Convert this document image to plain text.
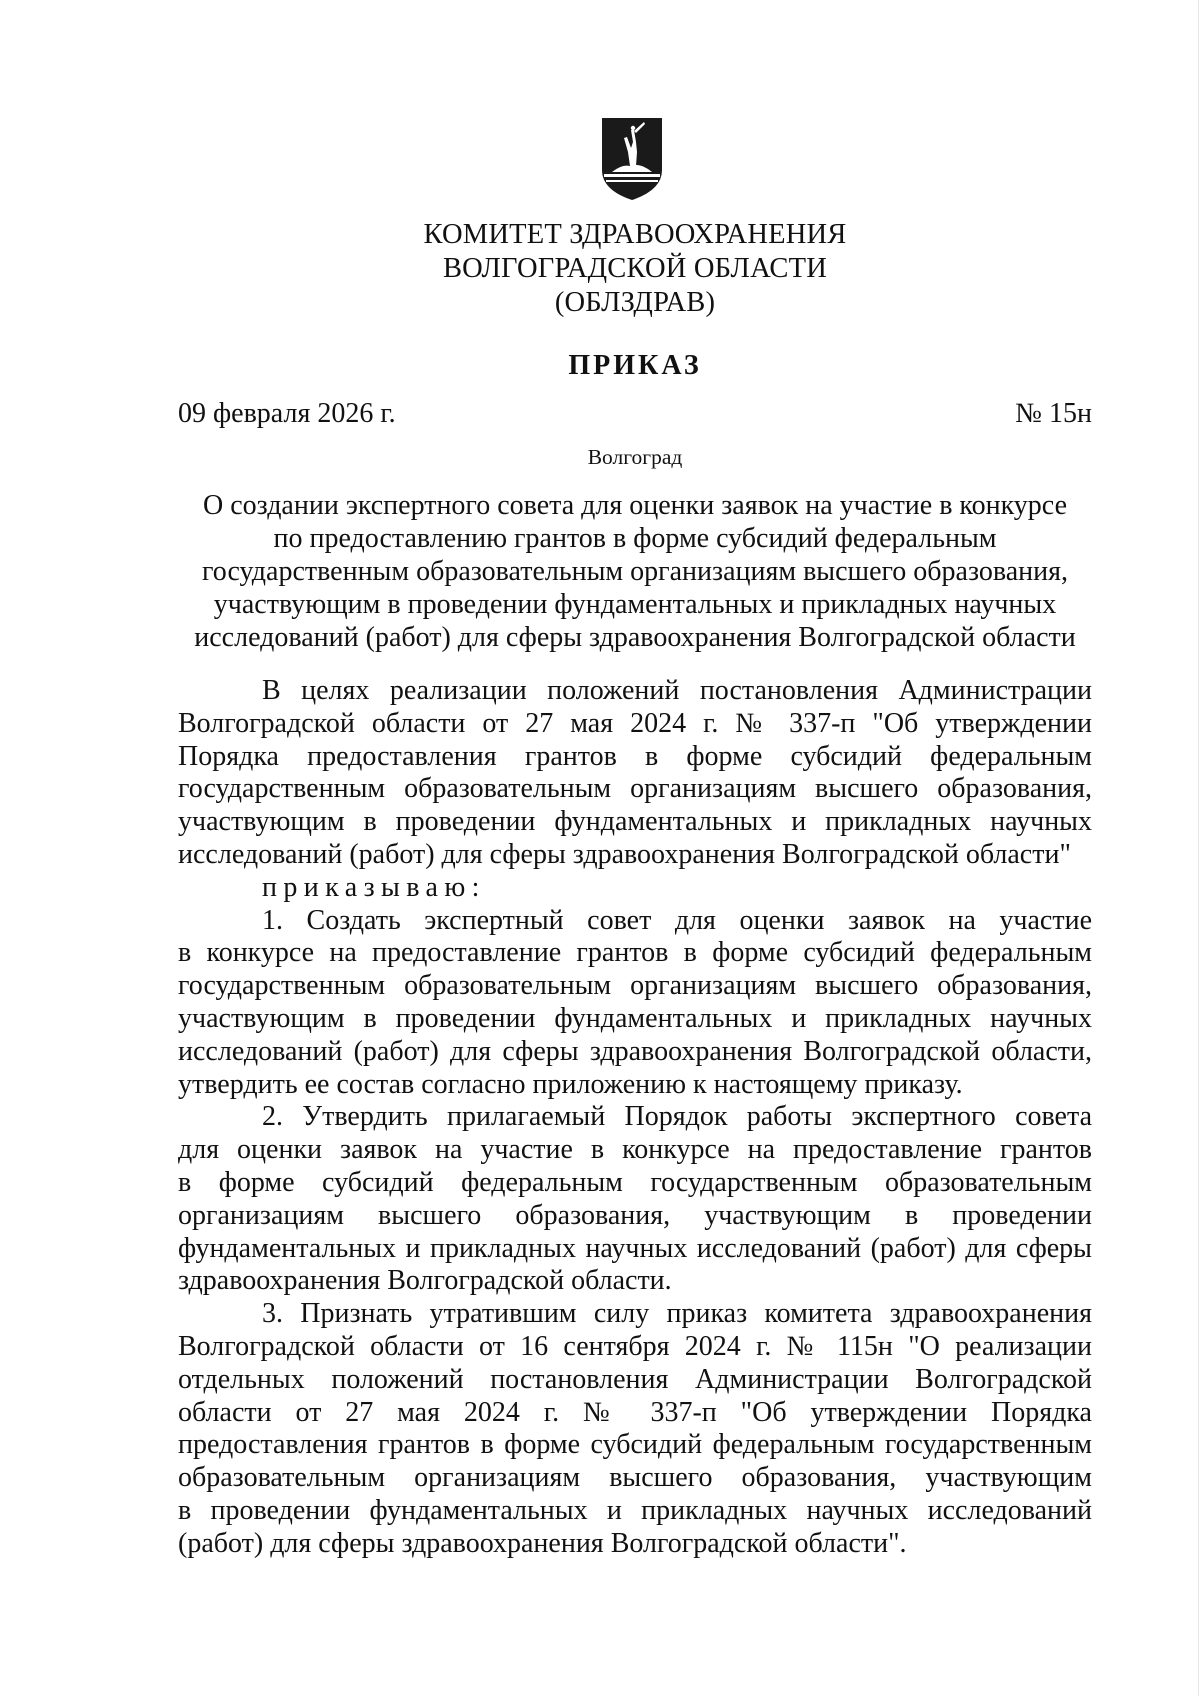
КОМИТЕТ ЗДРАВООХРАНЕНИЯ
ВОЛГОГРАДСКОЙ ОБЛАСТИ
(ОБЛЗДРАВ)
ПРИКАЗ
09 февраля 2026 г.	№ 15н
Волгоград
О создании экспертного совета для оценки заявок на участие в конкурсе
по предоставлению грантов в форме субсидий федеральным
государственным образовательным организациям высшего образования,
участвующим в проведении фундаментальных и прикладных научных
исследований (работ) для сферы здравоохранения Волгоградской области
В целях реализации положений постановления Администрации
Волгоградской области от 27 мая 2024 г. № 337-п "Об утверждении
Порядка предоставления грантов в форме субсидий федеральным
государственным образовательным организациям высшего образования,
участвующим в проведении фундаментальных и прикладных научных
исследований (работ) для сферы здравоохранения Волгоградской области"
приказываю:
1. Создать экспертный совет для оценки заявок на участие
в конкурсе на предоставление грантов в форме субсидий федеральным
государственным образовательным организациям высшего образования,
участвующим в проведении фундаментальных и прикладных научных
исследований (работ) для сферы здравоохранения Волгоградской области,
утвердить ее состав согласно приложению к настоящему приказу.
2. Утвердить прилагаемый Порядок работы экспертного совета
для оценки заявок на участие в конкурсе на предоставление грантов
в форме субсидий федеральным государственным образовательным
организациям высшего образования, участвующим в проведении
фундаментальных и прикладных научных исследований (работ) для сферы
здравоохранения Волгоградской области.
3. Признать утратившим силу приказ комитета здравоохранения
Волгоградской области от 16 сентября 2024 г. № 115н "О реализации
отдельных положений постановления Администрации Волгоградской
области от 27 мая 2024 г. № 337-п "Об утверждении Порядка
предоставления грантов в форме субсидий федеральным государственным
образовательным организациям высшего образования, участвующим
в проведении фундаментальных и прикладных научных исследований
(работ) для сферы здравоохранения Волгоградской области".
